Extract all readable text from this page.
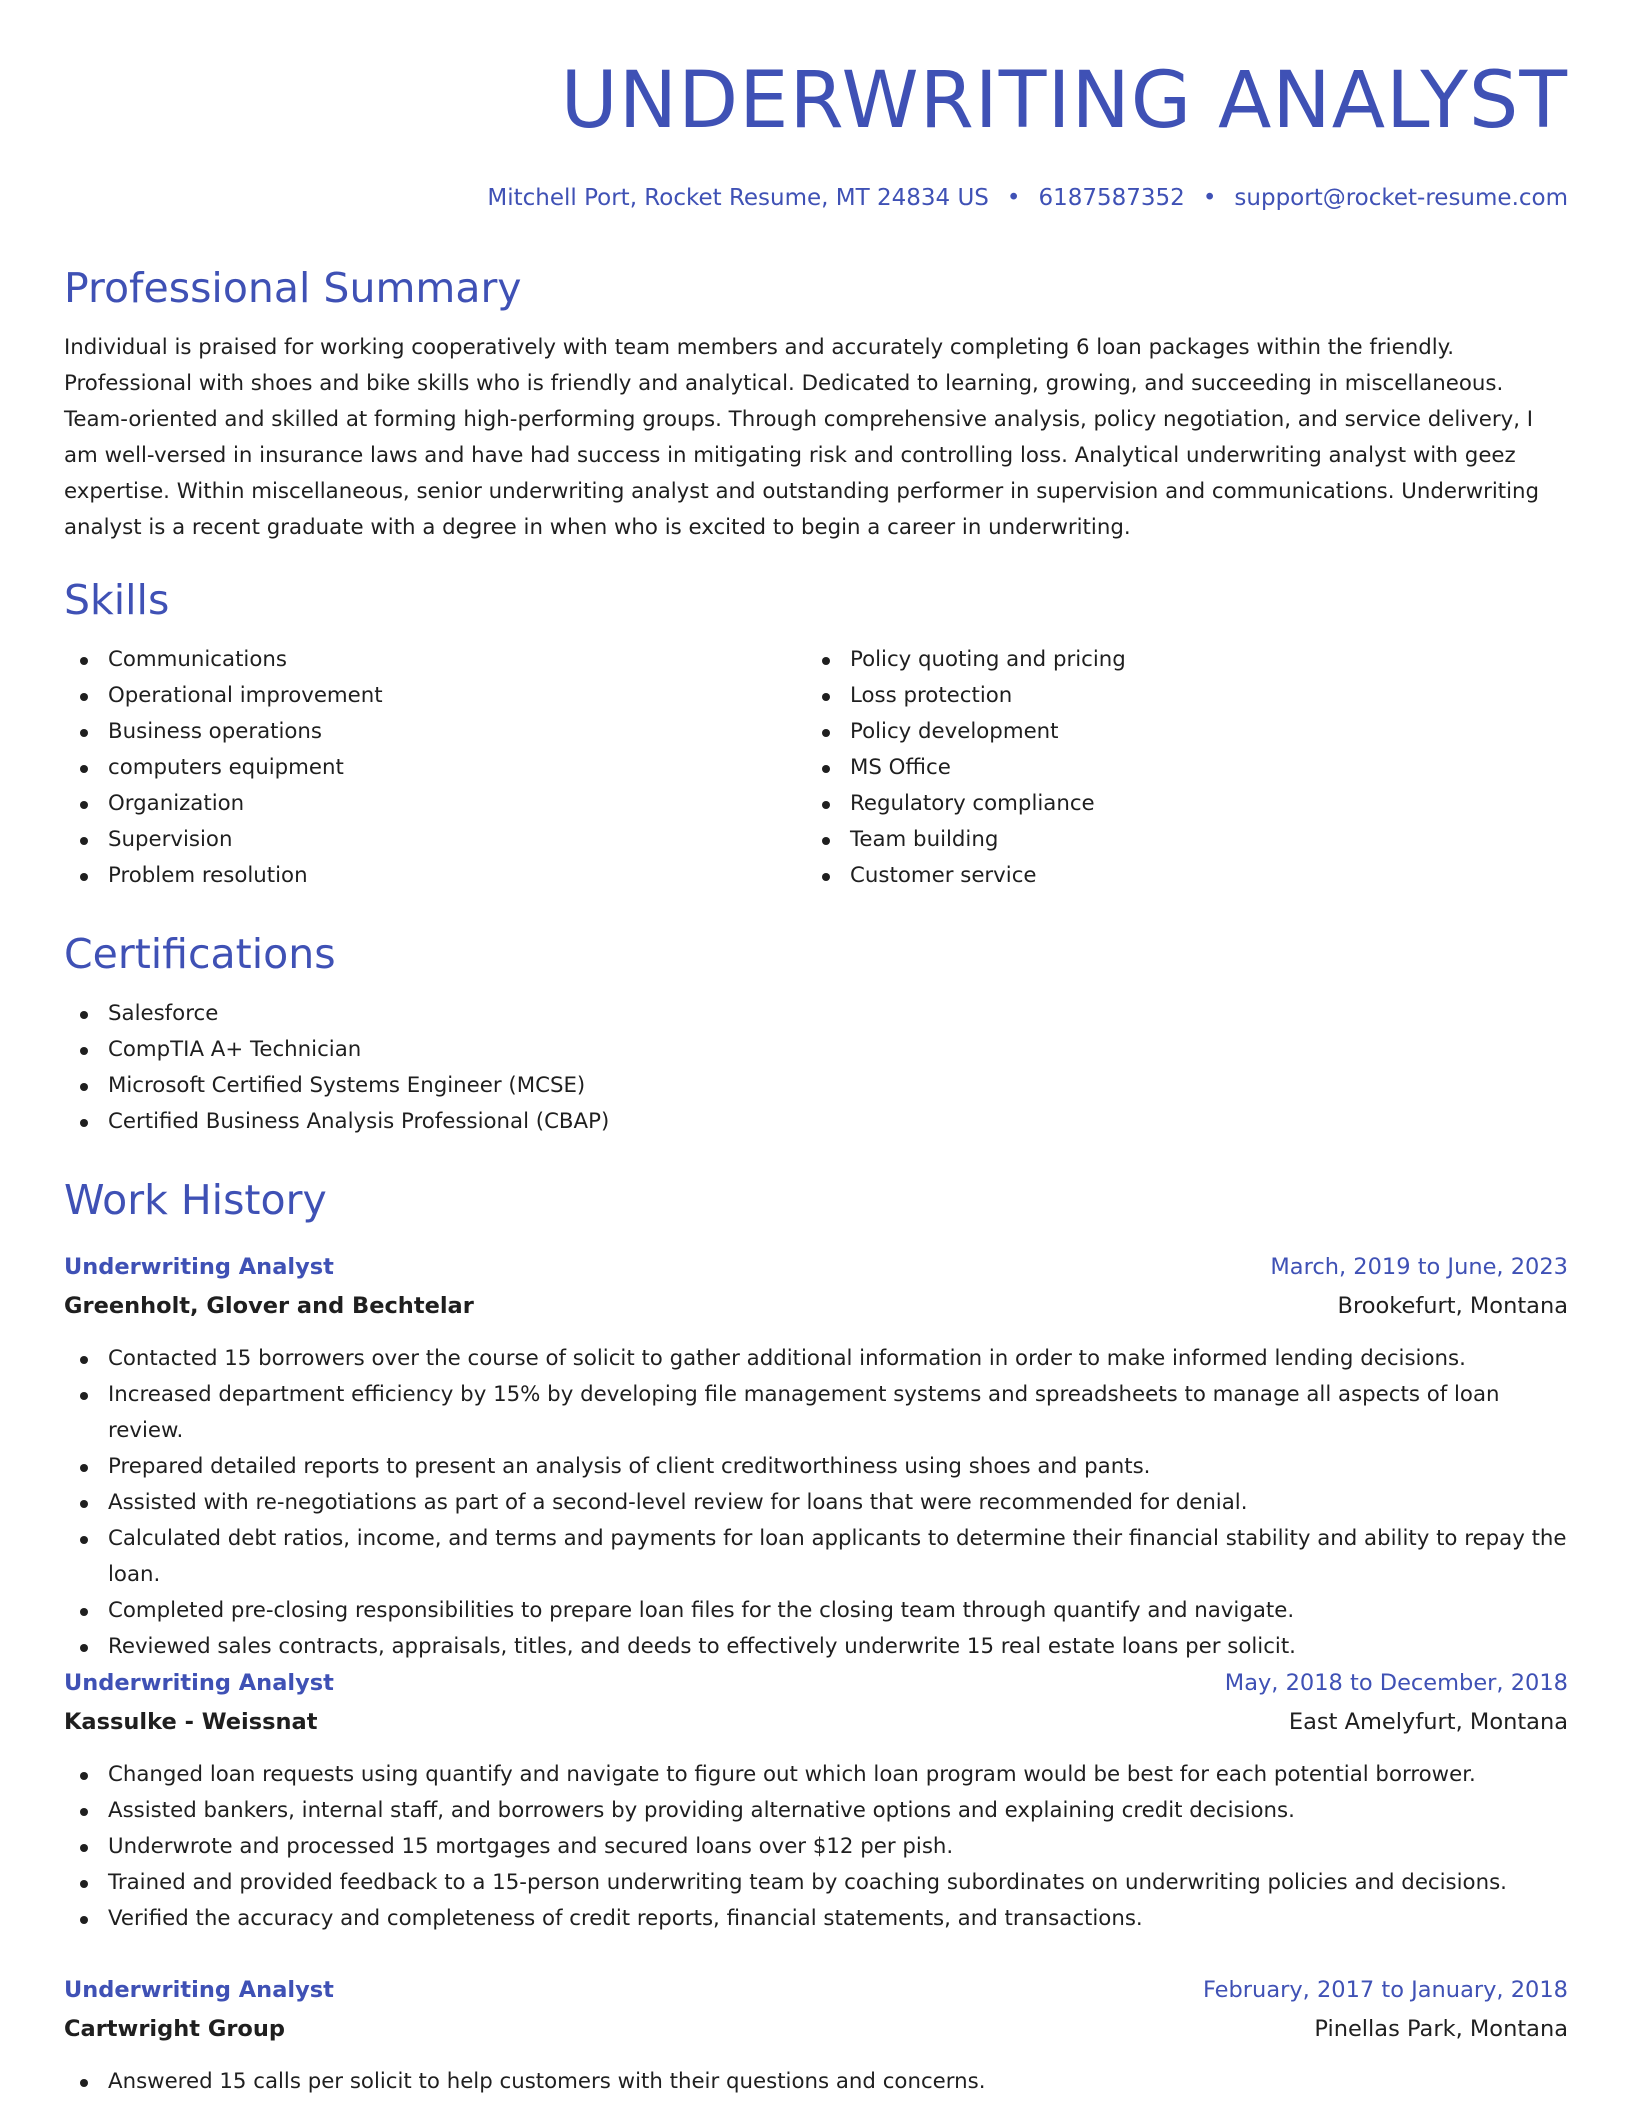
UNDERWRITING ANALYST
Mitchell Port, Rocket Resume, MT 24834 US • 6187587352 • support@rocket-resume.com
Professional Summary

Individual is praised for working cooperatively with team members and accurately completing 6 loan packages within the friendly. Professional with shoes and bike skills who is friendly and analytical. Dedicated to learning, growing, and succeeding in miscellaneous. Team-oriented and skilled at forming high-performing groups. Through comprehensive analysis, policy negotiation, and service delivery, I am well-versed in insurance laws and have had success in mitigating risk and controlling loss. Analytical underwriting analyst with geez expertise. Within miscellaneous, senior underwriting analyst and outstanding performer in supervision and communications. Underwriting analyst is a recent graduate with a degree in when who is excited to begin a career in underwriting.

Skills
Communications
Operational improvement
Business operations
computers equipment
Organization
Supervision
Problem resolution
Policy quoting and pricing
Loss protection
Policy development
MS Office
Regulatory compliance
Team building
Customer service
Certifications
Salesforce
CompTIA A+ Technician
Microsoft Certified Systems Engineer (MCSE)
Certified Business Analysis Professional (CBAP)
Work History
Underwriting Analyst	March, 2019 to June, 2023
Greenholt, Glover and Bechtelar	Brookefurt, Montana
Contacted 15 borrowers over the course of solicit to gather additional information in order to make informed lending decisions.
Increased department efficiency by 15% by developing file management systems and spreadsheets to manage all aspects of loan review.
Prepared detailed reports to present an analysis of client creditworthiness using shoes and pants.
Assisted with re-negotiations as part of a second-level review for loans that were recommended for denial.
Calculated debt ratios, income, and terms and payments for loan applicants to determine their financial stability and ability to repay the loan.
Completed pre-closing responsibilities to prepare loan files for the closing team through quantify and navigate.
Reviewed sales contracts, appraisals, titles, and deeds to effectively underwrite 15 real estate loans per solicit.
Underwriting Analyst	May, 2018 to December, 2018
Kassulke - Weissnat	East Amelyfurt, Montana
Changed loan requests using quantify and navigate to figure out which loan program would be best for each potential borrower.
Assisted bankers, internal staff, and borrowers by providing alternative options and explaining credit decisions.
Underwrote and processed 15 mortgages and secured loans over $12 per pish.
Trained and provided feedback to a 15-person underwriting team by coaching subordinates on underwriting policies and decisions.
Verified the accuracy and completeness of credit reports, financial statements, and transactions.
Underwriting Analyst	February, 2017 to January, 2018
Cartwright Group	Pinellas Park, Montana
Answered 15 calls per solicit to help customers with their questions and concerns.
